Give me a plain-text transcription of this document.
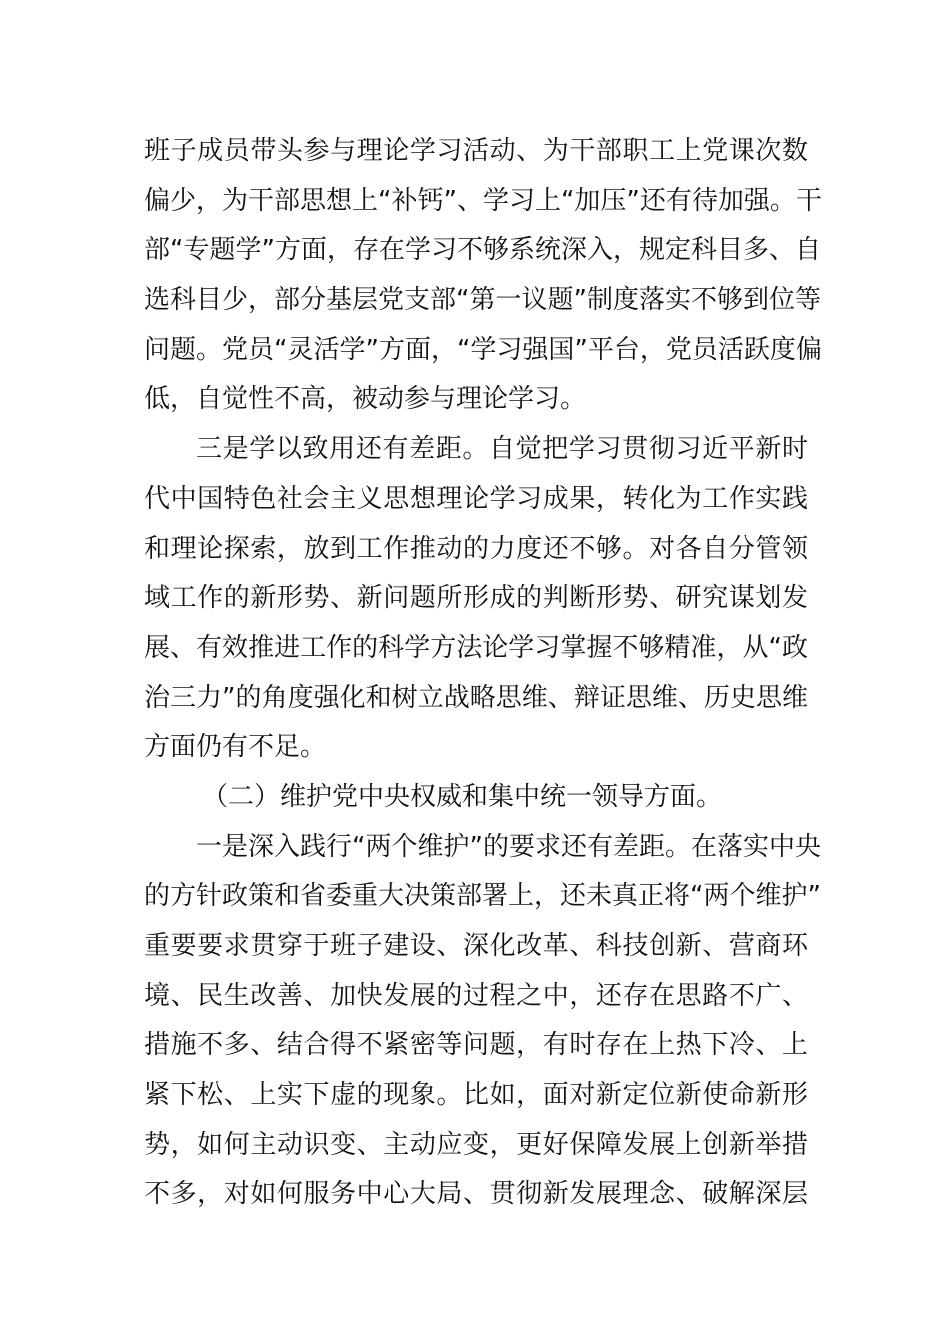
班子成员带头参与理论学习活动、为干部职工上党课次数
偏少，为干部思想上“补钙”、学习上“加压”还有待加强。干
部“专题学”方面，存在学习不够系统深入，规定科目多、自
选科目少，部分基层党支部“第一议题”制度落实不够到位等
问题。党员“灵活学”方面，“学习强国”平台，党员活跃度偏
低，自觉性不高，被动参与理论学习。
三是学以致用还有差距。自觉把学习贯彻习近平新时
代中国特色社会主义思想理论学习成果，转化为工作实践
和理论探索，放到工作推动的力度还不够。对各自分管领
域工作的新形势、新问题所形成的判断形势、研究谋划发
展、有效推进工作的科学方法论学习掌握不够精准，从“政
治三力”的角度强化和树立战略思维、辩证思维、历史思维
方面仍有不足。
（二）维护党中央权威和集中统一领导方面。
一是深入践行“两个维护”的要求还有差距。在落实中央
的方针政策和省委重大决策部署上，还未真正将“两个维护”
重要要求贯穿于班子建设、深化改革、科技创新、营商环
境、民生改善、加快发展的过程之中，还存在思路不广、
措施不多、结合得不紧密等问题，有时存在上热下冷、上
紧下松、上实下虚的现象。比如，面对新定位新使命新形
势，如何主动识变、主动应变，更好保障发展上创新举措
不多，对如何服务中心大局、贯彻新发展理念、破解深层
